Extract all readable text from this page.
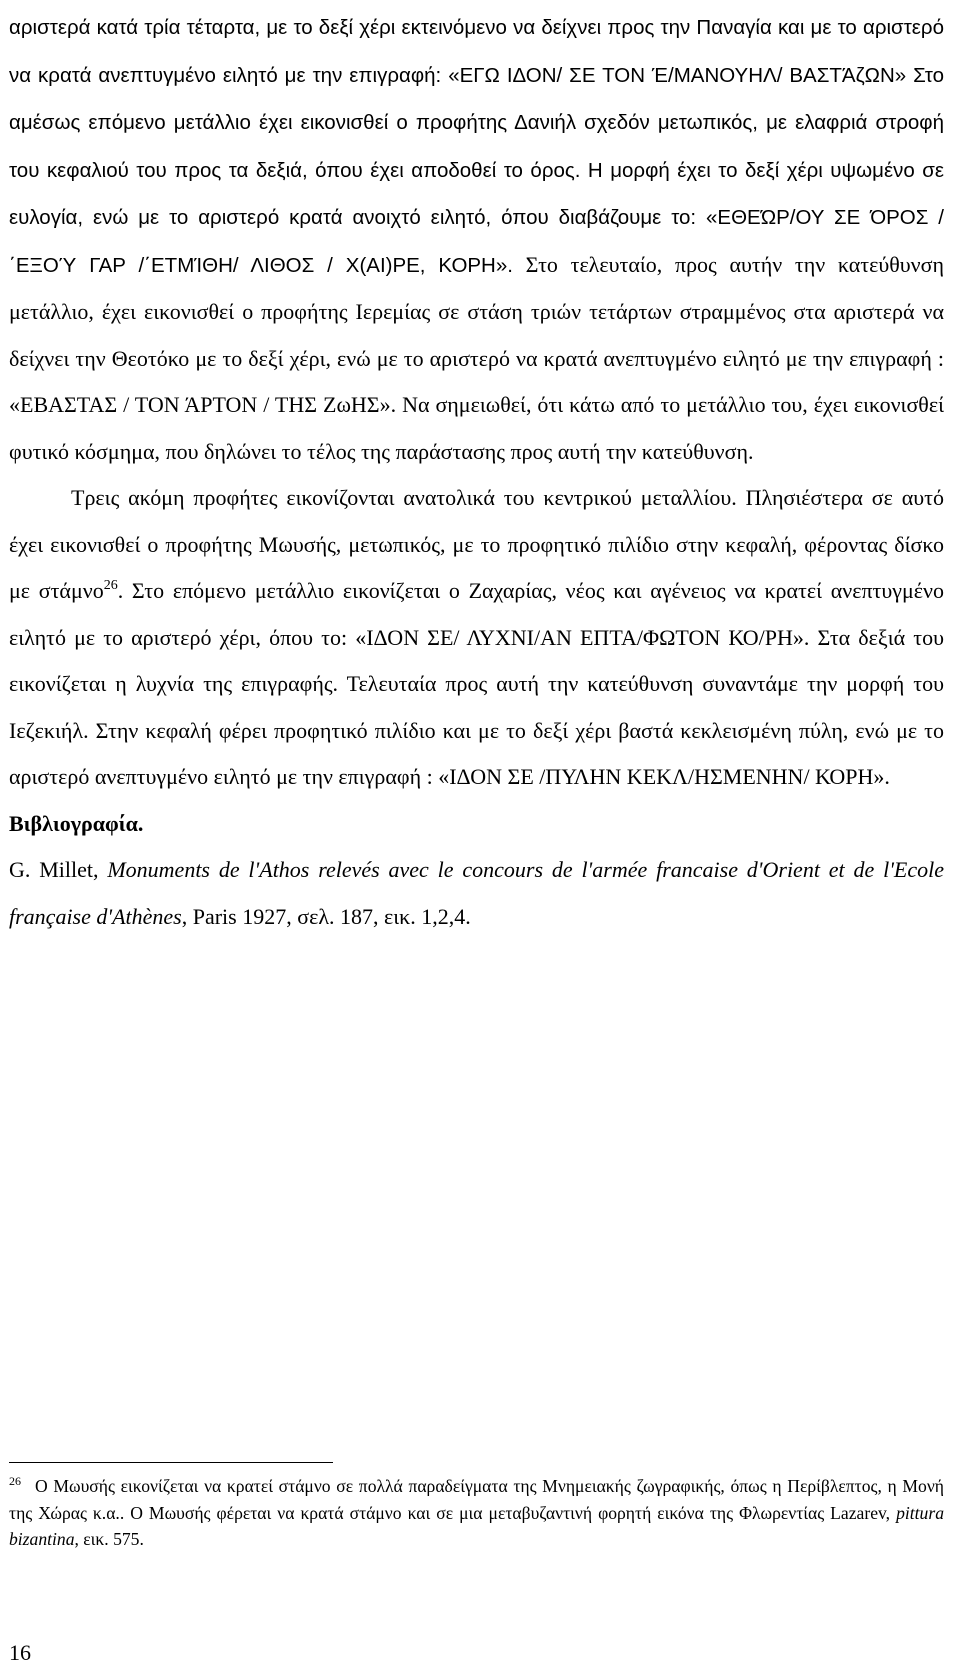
αριστερά κατά τρία τέταρτα, με το δεξί χέρι εκτεινόμενο να δείχνει προς την Παναγία και με το αριστερό να κρατά ανεπτυγμένο ειλητό με την επιγραφή: «ΕΓΩ ΙΔΟΝ/ ΣΕ ΤΟΝ Έ/ΜΑΝΟΥΗΛ/ ΒΑΣΤΆζΩΝ» Στο αμέσως επόμενο μετάλλιο έχει εικονισθεί ο προφήτης Δανιήλ σχεδόν μετωπικός, με ελαφριά στροφή του κεφαλιού του προς τα δεξιά, όπου έχει αποδοθεί το όρος. Η μορφή έχει το δεξί χέρι υψωμένο σε ευλογία, ενώ με το αριστερό κρατά ανοιχτό ειλητό, όπου διαβάζουμε το: «ΕΘΕΏΡ/ΟΥ ΣΕ ΌΡΟΣ /΄ΕΞΟΎ ΓΑΡ /΄ΕΤΜΊΘΗ/ ΛΙΘΟΣ / Χ(ΑΙ)ΡΕ, ΚΟΡΗ». Στο τελευταίο, προς αυτήν την κατεύθυνση μετάλλιο, έχει εικονισθεί ο προφήτης Ιερεμίας σε στάση τριών τετάρτων στραμμένος στα αριστερά να δείχνει την Θεοτόκο με το δεξί χέρι, ενώ με το αριστερό να κρατά ανεπτυγμένο ειλητό με την επιγραφή : «ΕΒΑΣΤΑΣ / ΤΟΝ ΆΡΤΟΝ / ΤΗΣ ΖωΗΣ». Να σημειωθεί, ότι κάτω από το μετάλλιο του, έχει εικονισθεί φυτικό κόσμημα, που δηλώνει το τέλος της παράστασης προς αυτή την κατεύθυνση.

Τρεις ακόμη προφήτες εικονίζονται ανατολικά του κεντρικού μεταλλίου. Πλησιέστερα σε αυτό έχει εικονισθεί ο προφήτης Μωυσής, μετωπικός, με το προφητικό πιλίδιο στην κεφαλή, φέροντας δίσκο με στάμνο$^{26}$. Στο επόμενο μετάλλιο εικονίζεται ο Ζαχαρίας, νέος και αγένειος να κρατεί ανεπτυγμένο ειλητό με το αριστερό χέρι, όπου το: «ΙΔΟΝ ΣΕ/ ΛΥΧΝΙ/ΑΝ ΕΠΤΑ/ΦΩΤΟΝ ΚΟ/ΡΗ». Στα δεξιά του εικονίζεται η λυχνία της επιγραφής. Τελευταία προς αυτή την κατεύθυνση συναντάμε την μορφή του Ιεζεκιήλ. Στην κεφαλή φέρει προφητικό πιλίδιο και με το δεξί χέρι βαστά κεκλεισμένη πύλη, ενώ με το αριστερό ανεπτυγμένο ειλητό με την επιγραφή : «ΙΔΟΝ ΣΕ /ΠΥΛΗΝ ΚΕΚΛ/ΗΣΜΕΝΗΝ/ ΚΟΡΗ».

Βιβλιογραφία.

G. Millet, Monuments de l'Athos relevés avec le concours de l'armée francaise d'Orient et de l'Ecole française d'Athènes, Paris 1927, σελ. 187, εικ. 1,2,4.

$^{26}$ Ο Μωυσής εικονίζεται να κρατεί στάμνο σε πολλά παραδείγματα της Μνημειακής ζωγραφικής, όπως η Περίβλεπτος, η Μονή της Χώρας κ.α.. Ο Μωυσής φέρεται να κρατά στάμνο και σε μια μεταβυζαντινή φορητή εικόνα της Φλωρεντίας Lazarev, pittura bizantina, εικ. 575.

16
